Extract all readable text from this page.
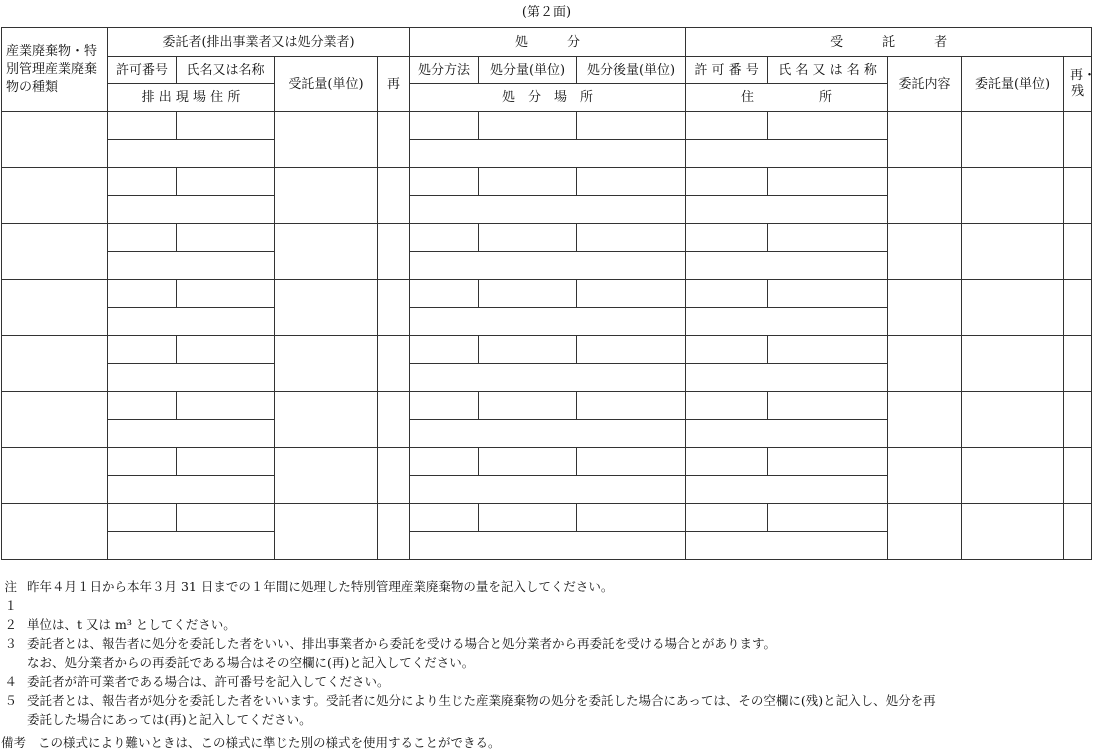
(第２面)
産業廃棄物・特別管理産業廃棄物の種類	委託者(排出事業者又は処分業者)				処　　　分			受　　　託　　　者				
	許可番号	氏名又は名称	受託量(単位)	再	処分方法	処分量(単位)	処分後量(単位)	許 可 番 号	氏 名 又 は 名 称	委託内容	委託量(単位)	再・残
	排 出 現 場 住 所				処　分　場　所			住　　　　　所				

注１
昨年４月１日から本年３月 31 日までの１年間に処理した特別管理産業廃棄物の量を記入してください。
２ 単位は、t 又は m³ としてください。
３ 委託者とは、報告者に処分を委託した者をいい、排出事業者から委託を受ける場合と処分業者から再委託を受ける場合とがあります。
なお、処分業者からの再委託である場合はその空欄に(再)と記入してください。
４ 委託者が許可業者である場合は、許可番号を記入してください。
５ 受託者とは、報告者が処分を委託した者をいいます。受託者に処分により生じた産業廃棄物の処分を委託した場合にあっては、その空欄に(残)と記入し、処分を再
委託した場合にあっては(再)と記入してください。
備考 この様式により難いときは、この様式に準じた別の様式を使用することができる。
